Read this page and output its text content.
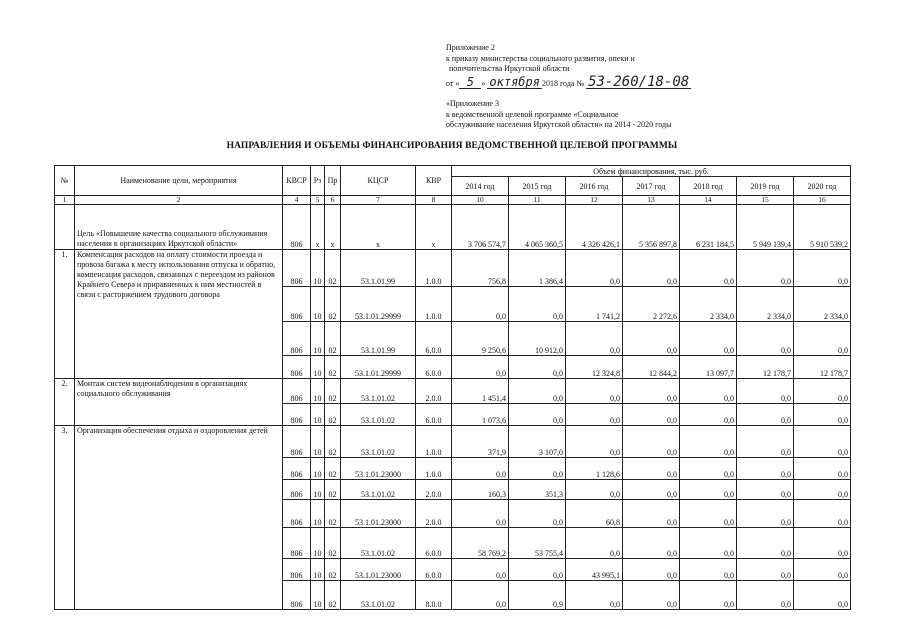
Приложение 2
к приказу министерства социального развития, опеки и
попечительства Иркутской области
от « 5 » октября 2018 года № 53-260/18-08
«Приложение 3
к ведомственной целевой программе «Социальное
обслуживание населения Иркутской области» на 2014 - 2020 годы
НАПРАВЛЕНИЯ И ОБЪЕМЫ ФИНАНСИРОВАНИЯ ВЕДОМСТВЕННОЙ ЦЕЛЕВОЙ ПРОГРАММЫ
№	Наименование цели, мероприятия	КВСР	Рз	Пр	КЦСР	КВР	Объем финансирования, тыс. руб.						
							2014 год	2015 год	2016 год	2017 год	2018 год	2019 год	2020 год
1	2	4	5	6	7	8	10	11	12	13	14	15	16
	Цель «Повышение качества социального обслуживания населения в организациях Иркутской области»	806	x	x	x	x	3 706 574,7	4 065 360,5	4 326 426,1	5 356 897,8	6 231 184,5	5 949 139,4	5 910 539,2
1.	Компенсация расходов на оплату стоимости проезда и провоза багажа к месту использования отпуска и обратно, компенсация расходов, связанных с переездом из районов Крайнего Севера и приравненных к ним местностей в связи с расторжением трудового договора	806	10	02	53.1.01.99	1.0.0	756,8	1 386,4	0,0	0,0	0,0	0,0	0,0
		806	10	02	53.1.01.29999	1.0.0	0,0	0,0	1 741,2	2 272,6	2 334,0	2 334,0	2 334,0
		806	10	02	53.1.01.99	6.0.0	9 250,6	10 912,0	0,0	0,0	0,0	0,0	0,0
		806	10	02	53.1.01.29999	6.0.0	0,0	0,0	12 324,8	12 844,2	13 097,7	12 178,7	12 178,7
2.	Монтаж систем видеонаблюдения в организациях социального обслуживания	806	10	02	53.1.01.02	2.0.0	1 451,4	0,0	0,0	0,0	0,0	0,0	0,0
		806	10	02	53.1.01.02	6.0.0	1 073,6	0,0	0,0	0,0	0,0	0,0	0,0
3.	Организация обеспечения отдыха и оздоровления детей	806	10	02	53.1.01.02	1.0.0	371,9	3 107,0	0,0	0,0	0,0	0,0	0,0
		806	10	02	53.1.01.23000	1.0.0	0,0	0,0	1 128,6	0,0	0,0	0,0	0,0
		806	10	02	53.1.01.02	2.0.0	160,3	351,3	0,0	0,0	0,0	0,0	0,0
		806	10	02	53.1.01.23000	2.0.0	0,0	0,0	60,8	0,0	0,0	0,0	0,0
		806	10	02	53.1.01.02	6.0.0	58 769,2	53 755,4	0,0	0,0	0,0	0,0	0,0
		806	10	02	53.1.01.23000	6.0.0	0,0	0,0	43 995,1	0,0	0,0	0,0	0,0
		806	10	02	53.1.01.02	8.0.0	0,0	0,9	0,0	0,0	0,0	0,0	0,0
